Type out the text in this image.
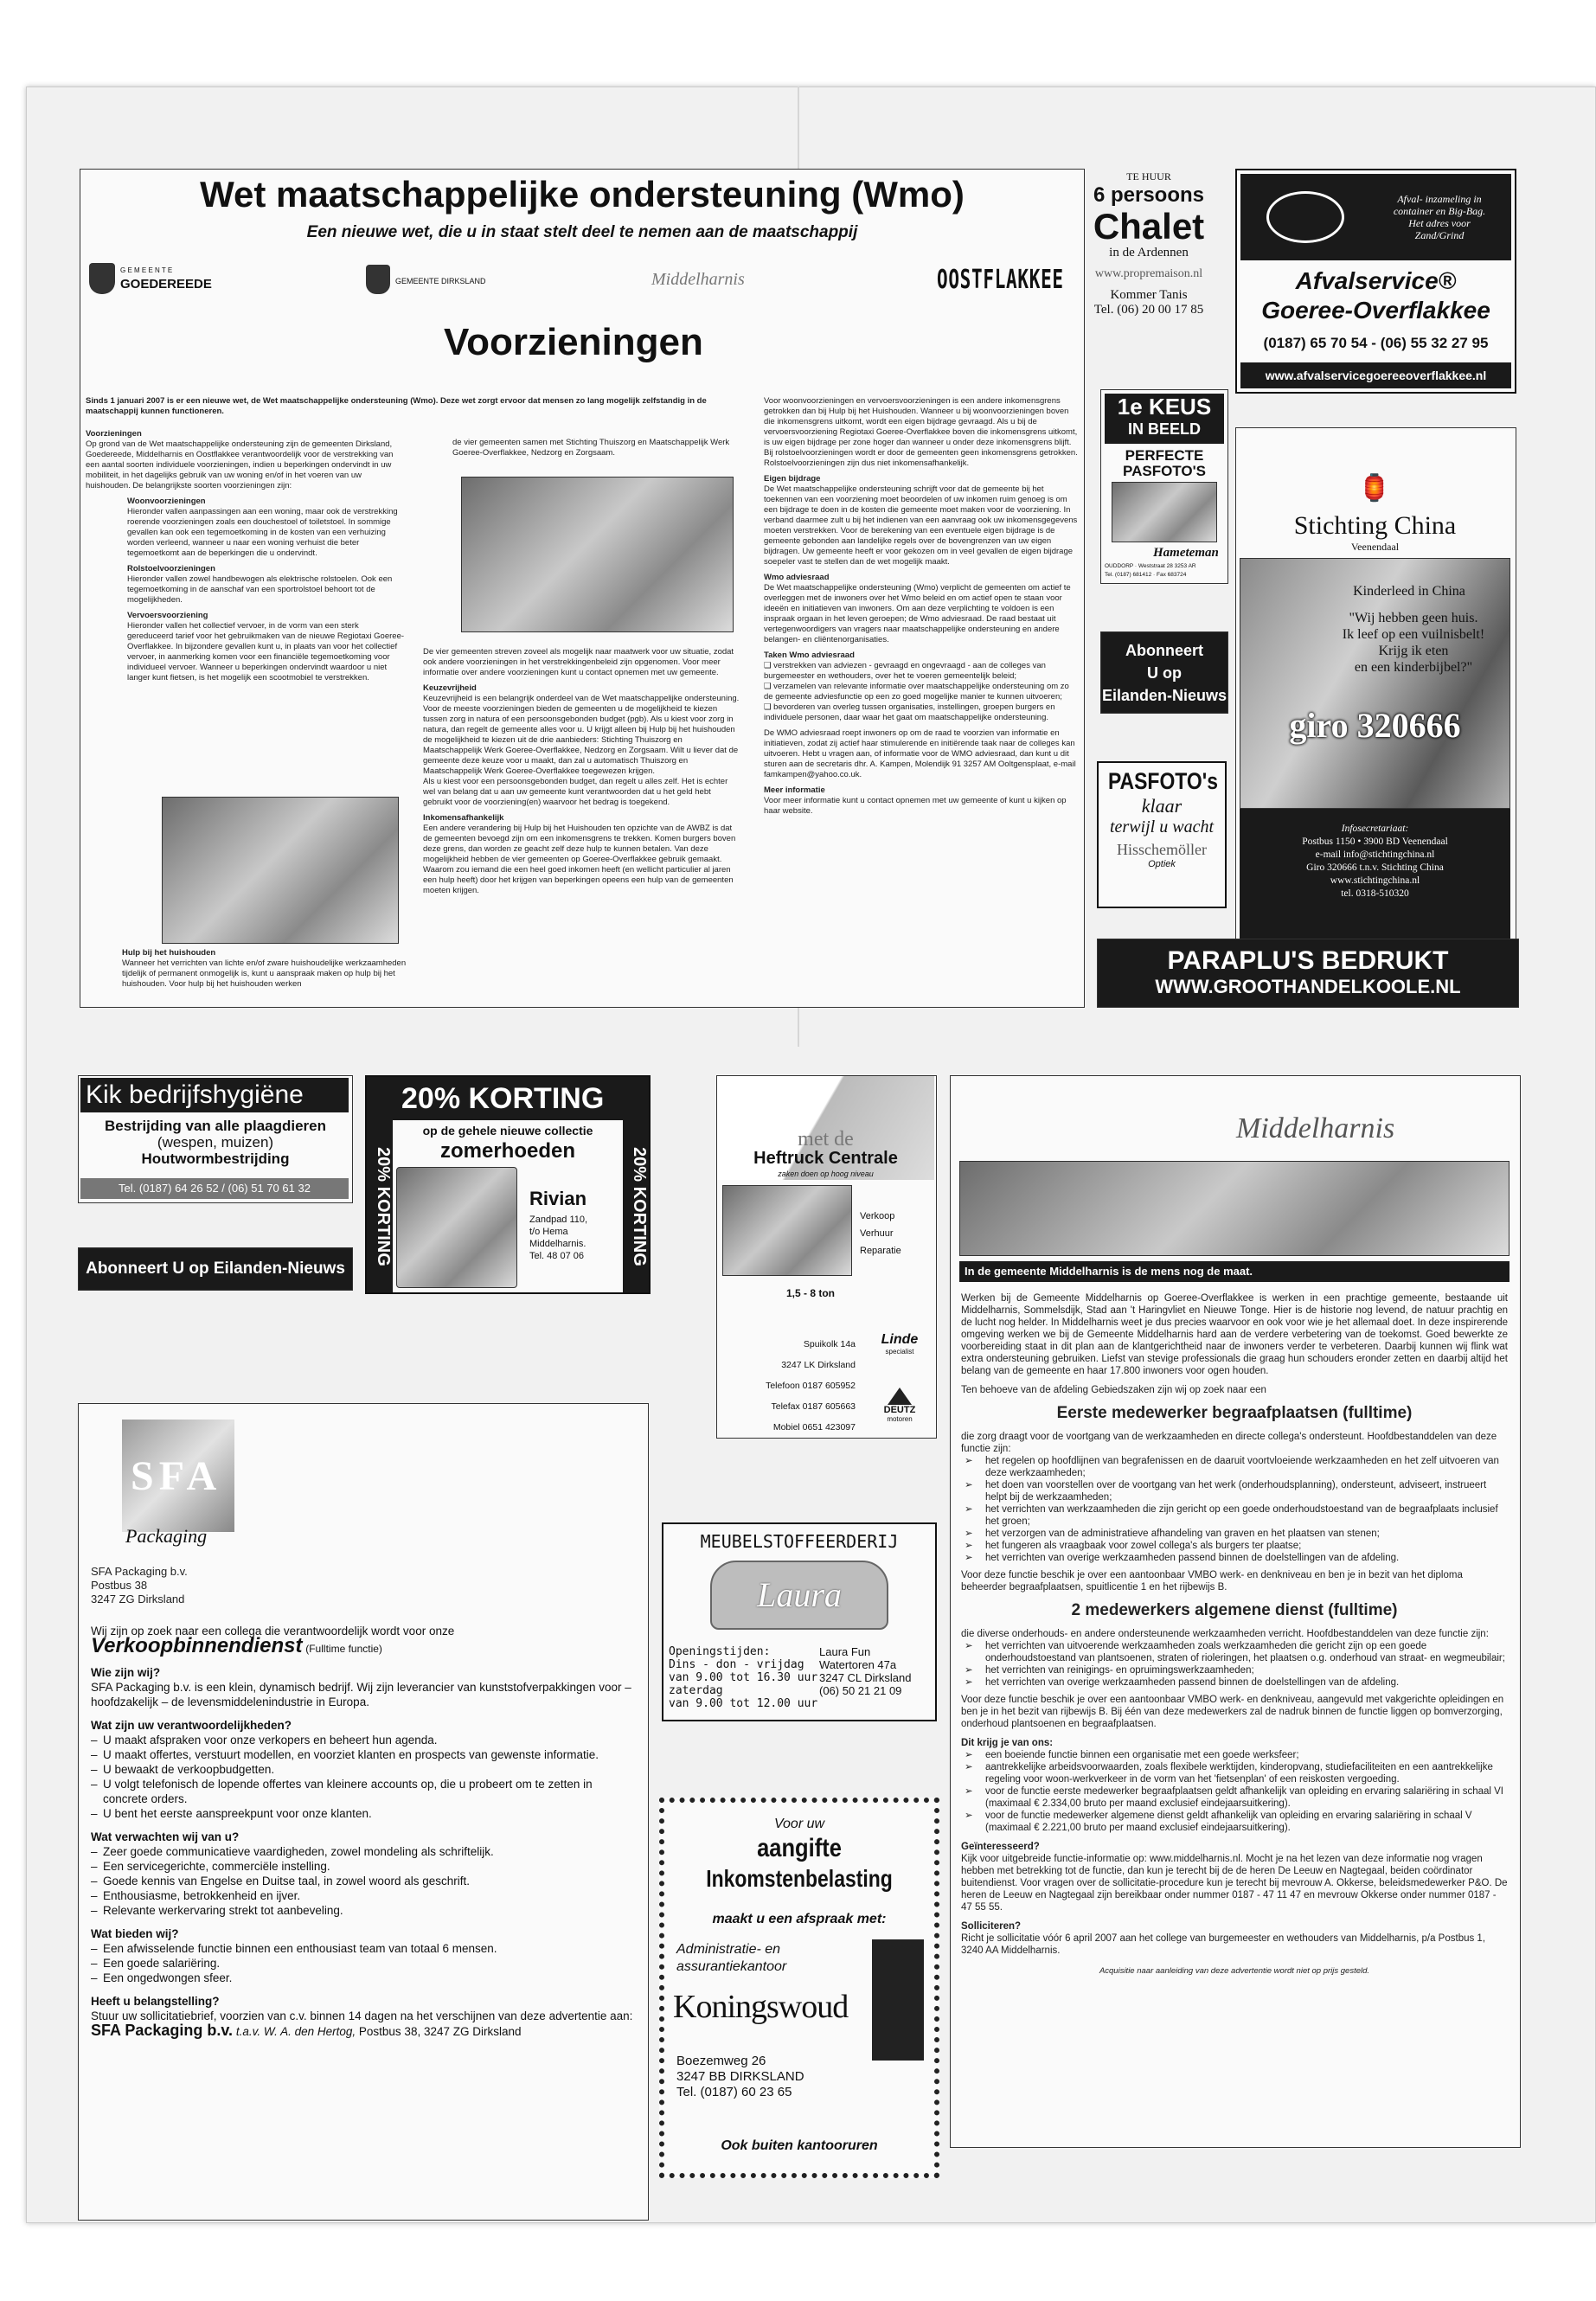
Wet maatschappelijke ondersteuning (Wmo)
Een nieuwe wet, die u in staat stelt deel te nemen aan de maatschappij
G E M E E N T E
GOEDEREEDE	GEMEENTE DIRKSLAND	Middelharnis	OOSTFLAKKEE
Voorzieningen
Sinds 1 januari 2007 is er een nieuwe wet, de Wet maatschappelijke ondersteuning (Wmo). Deze wet zorgt ervoor dat mensen zo lang mogelijk zelfstandig in de maatschappij kunnen functioneren.
Voorzieningen
Op grond van de Wet maatschappelijke ondersteuning zijn de gemeenten Dirksland, Goedereede, Middelharnis en Oostflakkee verantwoordelijk voor de verstrekking van een aantal soorten individuele voorzieningen, indien u beperkingen ondervindt in uw mobiliteit, in het dagelijks gebruik van uw woning en/of in het voeren van uw huishouden. De belangrijkste soorten voorzieningen zijn:
Woonvoorzieningen
Hieronder vallen aanpassingen aan een woning, maar ook de verstrekking roerende voorzieningen zoals een douchestoel of toiletstoel. In sommige gevallen kan ook een tegemoetkoming in de kosten van een verhuizing worden verleend, wanneer u naar een woning verhuist die beter tegemoetkomt aan de beperkingen die u ondervindt.
Rolstoelvoorzieningen
Hieronder vallen zowel handbewogen als elektrische rolstoelen. Ook een tegemoetkoming in de aanschaf van een sportrolstoel behoort tot de mogelijkheden.
Vervoersvoorziening
Hieronder vallen het collectief vervoer, in de vorm van een sterk gereduceerd tarief voor het gebruikmaken van de nieuwe Regiotaxi Goeree-Overflakkee. In bijzondere gevallen kunt u, in plaats van voor het collectief vervoer, in aanmerking komen voor een financiële tegemoetkoming voor individueel vervoer. Wanneer u beperkingen ondervindt waardoor u niet langer kunt fietsen, is het mogelijk een scootmobiel te verstrekken.
Hulp bij het huishouden
Wanneer het verrichten van lichte en/of zware huishoudelijke werkzaamheden tijdelijk of permanent onmogelijk is, kunt u aanspraak maken op hulp bij het huishouden. Voor hulp bij het huishouden werken
de vier gemeenten samen met Stichting Thuiszorg en Maatschappelijk Werk Goeree-Overflakkee, Nedzorg en Zorgsaam.
De vier gemeenten streven zoveel als mogelijk naar maatwerk voor uw situatie, zodat ook andere voorzieningen in het verstrekkingenbeleid zijn opgenomen. Voor meer informatie over andere voorzieningen kunt u contact opnemen met uw gemeente.
Keuzevrijheid
Keuzevrijheid is een belangrijk onderdeel van de Wet maatschappelijke ondersteuning. Voor de meeste voorzieningen bieden de gemeenten u de mogelijkheid te kiezen tussen zorg in natura of een persoonsgebonden budget (pgb). Als u kiest voor zorg in natura, dan regelt de gemeente alles voor u. U krijgt alleen bij Hulp bij het huishouden de mogelijkheid te kiezen uit de drie aanbieders: Stichting Thuiszorg en Maatschappelijk Werk Goeree-Overflakkee, Nedzorg en Zorgsaam. Wilt u liever dat de gemeente deze keuze voor u maakt, dan zal u automatisch Thuiszorg en Maatschappelijk Werk Goeree-Overflakkee toegewezen krijgen.
Als u kiest voor een persoonsgebonden budget, dan regelt u alles zelf. Het is echter wel van belang dat u aan uw gemeente kunt verantwoorden dat u het geld hebt gebruikt voor de voorziening(en) waarvoor het bedrag is toegekend.
Inkomensafhankelijk
Een andere verandering bij Hulp bij het Huishouden ten opzichte van de AWBZ is dat de gemeenten bevoegd zijn om een inkomensgrens te trekken. Komen burgers boven deze grens, dan worden ze geacht zelf deze hulp te kunnen betalen. Van deze mogelijkheid hebben de vier gemeenten op Goeree-Overflakkee gebruik gemaakt. Waarom zou iemand die een heel goed inkomen heeft (en wellicht particulier al jaren een hulp heeft) door het krijgen van beperkingen opeens een hulp van de gemeenten moeten krijgen.
Voor woonvoorzieningen en vervoersvoorzieningen is een andere inkomensgrens getrokken dan bij Hulp bij het Huishouden. Wanneer u bij woonvoorzieningen boven die inkomensgrens uitkomt, wordt een eigen bijdrage gevraagd. Als u bij de vervoersvoorziening Regiotaxi Goeree-Overflakkee boven die inkomensgrens uitkomt, is uw eigen bijdrage per zone hoger dan wanneer u onder deze inkomensgrens blijft.
Bij rolstoelvoorzieningen wordt er door de gemeenten geen inkomensgrens getrokken. Rolstoelvoorzieningen zijn dus niet inkomensafhankelijk.
Eigen bijdrage
De Wet maatschappelijke ondersteuning schrijft voor dat de gemeente bij het toekennen van een voorziening moet beoordelen of uw inkomen ruim genoeg is om een bijdrage te doen in de kosten die gemeente moet maken voor de voorziening. In verband daarmee zult u bij het indienen van een aanvraag ook uw inkomensgegevens moeten verstrekken. Voor de berekening van een eventuele eigen bijdrage is de gemeente gebonden aan landelijke regels over de bovengrenzen van uw eigen bijdragen. Uw gemeente heeft er voor gekozen om in veel gevallen de eigen bijdrage soepeler vast te stellen dan de wet mogelijk maakt.
Wmo adviesraad
De Wet maatschappelijke ondersteuning (Wmo) verplicht de gemeenten om actief te overleggen met de inwoners over het Wmo beleid en om actief open te staan voor ideeën en initiatieven van inwoners. Om aan deze verplichting te voldoen is een inspraak orgaan in het leven geroepen; de Wmo adviesraad. De raad bestaat uit vertegenwoordigers van vragers naar maatschappelijke ondersteuning en andere belangen- en cliëntenorganisaties.
Taken Wmo adviesraad
❑ verstrekken van adviezen - gevraagd en ongevraagd - aan de colleges van burgemeester en wethouders, over het te voeren gemeentelijk beleid;
❑ verzamelen van relevante informatie over maatschappelijke ondersteuning om zo de gemeente adviesfunctie op een zo goed mogelijke manier te kunnen uitvoeren;
❑ bevorderen van overleg tussen organisaties, instellingen, groepen burgers en individuele personen, daar waar het gaat om maatschappelijke ondersteuning.
De WMO adviesraad roept inwoners op om de raad te voorzien van informatie en initiatieven, zodat zij actief haar stimulerende en initiërende taak naar de colleges kan uitvoeren. Hebt u vragen aan, of informatie voor de WMO adviesraad, dan kunt u dit sturen aan de secretaris dhr. A. Kampen, Molendijk 91 3257 AM Ooltgensplaat, e-mail famkampen@yahoo.co.uk.
Meer informatie
Voor meer informatie kunt u contact opnemen met uw gemeente of kunt u kijken op haar website.
TE HUUR
6 persoons
Chalet
in de Ardennen
www.propremaison.nl
Kommer Tanis
Tel. (06) 20 00 17 85
Afval- inzameling in
container en Big-Bag.
Het adres voor
Zand/Grind
Afvalservice®
Goeree-Overflakkee
(0187) 65 70 54 - (06) 55 32 27 95
www.afvalservicegoereeoverflakkee.nl
1e KEUS
IN BEELD
PERFECTE
PASFOTO'S
Hameteman
OUDDORP · Weststraat 28 3253 AR
Tel. (0187) 681412 · Fax 683724
Abonneert
U op
Eilanden-Nieuws
PASFOTO's
klaar
terwijl u wacht
Hisschemöller
Optiek
🏮
Stichting China
Veenendaal
Kinderleed in China
"Wij hebben geen huis.
Ik leef op een vuilnisbelt!
Krijg ik eten
en een kinderbijbel?"
giro 320666
Infosecretariaat:
Postbus 1150 • 3900 BD Veenendaal
e-mail info@stichtingchina.nl
Giro 320666 t.n.v. Stichting China
www.stichtingchina.nl
tel. 0318-510320
PARAPLU'S BEDRUKT
WWW.GROOTHANDELKOOLE.NL
Kik bedrijfshygiëne
Bestrijding van alle plaagdieren
(wespen, muizen)
Houtwormbestrijding
Tel. (0187) 64 26 52 / (06) 51 70 61 32
Abonneert U op Eilanden-Nieuws
20% KORTING
20% KORTING	20% KORTING
op de gehele nieuwe collectie
zomerhoeden
Rivian
Zandpad 110,
t/o Hema
Middelharnis.
Tel. 48 07 06
met de
Heftruck Centrale
zaken doen op hoog niveau
Verkoop
Verhuur
Reparatie
1,5 - 8 ton
Spuikolk 14a
3247 LK Dirksland
Telefoon 0187 605952
Telefax 0187 605663
Mobiel 0651 423097
Linde
specialist
DEUTZ
motoren
Middelharnis
In de gemeente Middelharnis is de mens nog de maat.
Werken bij de Gemeente Middelharnis op Goeree-Overflakkee is werken in een prachtige gemeente, bestaande uit Middelharnis, Sommelsdijk, Stad aan 't Haringvliet en Nieuwe Tonge. Hier is de historie nog levend, de natuur prachtig en de lucht nog helder. In Middelharnis weet je dus precies waarvoor en ook voor wie je het allemaal doet. In deze inspirerende omgeving werken we bij de Gemeente Middelharnis hard aan de verdere verbetering van de toekomst. Goed bewerkte ze voorbereiding staat in dit plan aan de klantgerichtheid naar de inwoners verder te verbeteren. Daarbij kunnen wij flink wat extra ondersteuning gebruiken. Liefst van stevige professionals die graag hun schouders eronder zetten en daarbij altijd het belang van de gemeente en haar 17.800 inwoners voor ogen houden.
Ten behoeve van de afdeling Gebiedszaken zijn wij op zoek naar een
Eerste medewerker begraafplaatsen (fulltime)
die zorg draagt voor de voortgang van de werkzaamheden en directe collega's ondersteunt. Hoofdbestanddelen van deze functie zijn:
➢ het regelen op hoofdlijnen van begrafenissen en de daaruit voortvloeiende werkzaamheden en het zelf uitvoeren van deze werkzaamheden;
➢ het doen van voorstellen over de voortgang van het werk (onderhoudsplanning), ondersteunt, adviseert, instrueert helpt bij de werkzaamheden;
➢ het verrichten van werkzaamheden die zijn gericht op een goede onderhoudstoestand van de begraafplaats inclusief het groen;
➢ het verzorgen van de administratieve afhandeling van graven en het plaatsen van stenen;
➢ het fungeren als vraagbaak voor zowel collega's als burgers ter plaatse;
➢ het verrichten van overige werkzaamheden passend binnen de doelstellingen van de afdeling.
Voor deze functie beschik je over een aantoonbaar VMBO werk- en denkniveau en ben je in bezit van het diploma beheerder begraafplaatsen, spuitlicentie 1 en het rijbewijs B.
2 medewerkers algemene dienst (fulltime)
die diverse onderhouds- en andere ondersteunende werkzaamheden verricht. Hoofdbestanddelen van deze functie zijn:
➢ het verrichten van uitvoerende werkzaamheden zoals werkzaamheden die gericht zijn op een goede onderhoudstoestand van plantsoenen, straten of rioleringen, het plaatsen o.g. onderhoud van straat- en wegmeubilair;
➢ het verrichten van reinigings- en opruimingswerkzaamheden;
➢ het verrichten van overige werkzaamheden passend binnen de doelstellingen van de afdeling.
Voor deze functie beschik je over een aantoonbaar VMBO werk- en denkniveau, aangevuld met vakgerichte opleidingen en ben je in het bezit van rijbewijs B. Bij één van deze medewerkers zal de nadruk binnen de functie liggen op bomverzorging, onderhoud plantsoenen en begraafplaatsen.
Dit krijg je van ons:
➢ een boeiende functie binnen een organisatie met een goede werksfeer;
➢ aantrekkelijke arbeidsvoorwaarden, zoals flexibele werktijden, kinderopvang, studiefaciliteiten en een aantrekkelijke regeling voor woon-werkverkeer in de vorm van het 'fietsenplan' of een reiskosten vergoeding.
➢ voor de functie eerste medewerker begraafplaatsen geldt afhankelijk van opleiding en ervaring salariëring in schaal VI (maximaal € 2.334,00 bruto per maand exclusief eindejaarsuitkering).
➢ voor de functie medewerker algemene dienst geldt afhankelijk van opleiding en ervaring salariëring in schaal V (maximaal € 2.221,00 bruto per maand exclusief eindejaarsuitkering).
Geïnteresseerd?
Kijk voor uitgebreide functie-informatie op: www.middelharnis.nl. Mocht je na het lezen van deze informatie nog vragen hebben met betrekking tot de functie, dan kun je terecht bij de de heren De Leeuw en Nagtegaal, beiden coördinator buitendienst. Voor vragen over de sollicitatie-procedure kun je terecht bij mevrouw A. Okkerse, beleidsmedewerker P&O. De heren de Leeuw en Nagtegaal zijn bereikbaar onder nummer 0187 - 47 11 47 en mevrouw Okkerse onder nummer 0187 - 47 55 55.
Solliciteren?
Richt je sollicitatie vóór 6 april 2007 aan het college van burgemeester en wethouders van Middelharnis, p/a Postbus 1, 3240 AA Middelharnis.
Acquisitie naar aanleiding van deze advertentie wordt niet op prijs gesteld.
SFA
Packaging
SFA Packaging b.v.
Postbus 38
3247 ZG Dirksland
Wij zijn op zoek naar een collega die verantwoordelijk wordt voor onze
Verkoopbinnendienst (Fulltime functie)
Wie zijn wij?
SFA Packaging b.v. is een klein, dynamisch bedrijf. Wij zijn leverancier van kunststofverpakkingen voor – hoofdzakelijk – de levensmiddelenindustrie in Europa.
Wat zijn uw verantwoordelijkheden?
– U maakt afspraken voor onze verkopers en beheert hun agenda.
– U maakt offertes, verstuurt modellen, en voorziet klanten en prospects van gewenste informatie.
– U bewaakt de verkoopbudgetten.
– U volgt telefonisch de lopende offertes van kleinere accounts op, die u probeert om te zetten in concrete orders.
– U bent het eerste aanspreekpunt voor onze klanten.
Wat verwachten wij van u?
– Zeer goede communicatieve vaardigheden, zowel mondeling als schriftelijk.
– Een servicegerichte, commerciële instelling.
– Goede kennis van Engelse en Duitse taal, in zowel woord als geschrift.
– Enthousiasme, betrokkenheid en ijver.
– Relevante werkervaring strekt tot aanbeveling.
Wat bieden wij?
– Een afwisselende functie binnen een enthousiast team van totaal 6 mensen.
– Een goede salariëring.
– Een ongedwongen sfeer.
Heeft u belangstelling?
Stuur uw sollicitatiebrief, voorzien van c.v. binnen 14 dagen na het verschijnen van deze advertentie aan:
SFA Packaging b.v. t.a.v. W. A. den Hertog, Postbus 38, 3247 ZG Dirksland
MEUBELSTOFFEERDERIJ
Laura
Openingstijden:
Dins - don - vrijdag
van 9.00 tot 16.30 uur
zaterdag
van 9.00 tot 12.00 uur
Laura Fun
Watertoren 47a
3247 CL Dirksland
(06) 50 21 21 09
Voor uw
aangifte
Inkomstenbelasting
maakt u een afspraak met:
Administratie- en
assurantiekantoor
Koningswoud
Boezemweg 26
3247 BB DIRKSLAND
Tel. (0187) 60 23 65
Ook buiten kantooruren
